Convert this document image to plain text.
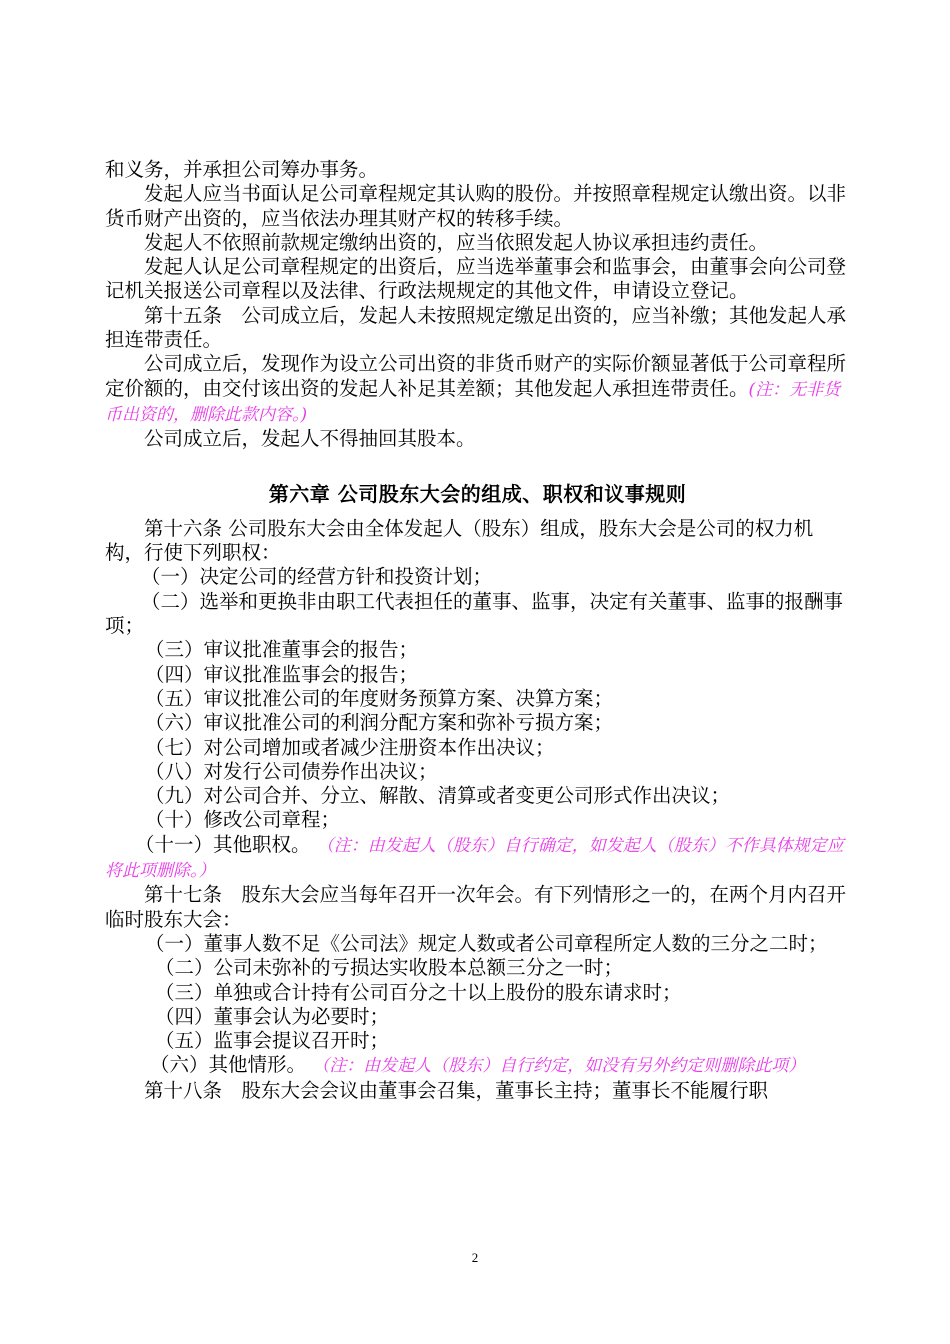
和义务，并承担公司筹办事务。

发起人应当书面认足公司章程规定其认购的股份。并按照章程规定认缴出资。以非货币财产出资的，应当依法办理其财产权的转移手续。

发起人不依照前款规定缴纳出资的，应当依照发起人协议承担违约责任。

发起人认足公司章程规定的出资后，应当选举董事会和监事会，由董事会向公司登记机关报送公司章程以及法律、行政法规规定的其他文件，申请设立登记。

第十五条　公司成立后，发起人未按照规定缴足出资的，应当补缴；其他发起人承担连带责任。

公司成立后，发现作为设立公司出资的非货币财产的实际价额显著低于公司章程所定价额的，由交付该出资的发起人补足其差额；其他发起人承担连带责任。(注：无非货币出资的，删除此款内容。)

公司成立后，发起人不得抽回其股本。

第六章 公司股东大会的组成、职权和议事规则

第十六条 公司股东大会由全体发起人（股东）组成，股东大会是公司的权力机构，行使下列职权：

（一）决定公司的经营方针和投资计划；

（二）选举和更换非由职工代表担任的董事、监事，决定有关董事、监事的报酬事项；

（三）审议批准董事会的报告；

（四）审议批准监事会的报告；

（五）审议批准公司的年度财务预算方案、决算方案；

（六）审议批准公司的利润分配方案和弥补亏损方案；

（七）对公司增加或者减少注册资本作出决议；

（八）对发行公司债券作出决议；

（九）对公司合并、分立、解散、清算或者变更公司形式作出决议；

（十）修改公司章程；

（十一）其他职权。 （注：由发起人（股东）自行确定，如发起人（股东）不作具体规定应将此项删除。）

第十七条　股东大会应当每年召开一次年会。有下列情形之一的，在两个月内召开临时股东大会：

（一）董事人数不足《公司法》规定人数或者公司章程所定人数的三分之二时；

（二）公司未弥补的亏损达实收股本总额三分之一时；

（三）单独或合计持有公司百分之十以上股份的股东请求时；

（四）董事会认为必要时；

（五）监事会提议召开时；

（六）其他情形。 （注：由发起人（股东）自行约定，如没有另外约定则删除此项）

第十八条　股东大会会议由董事会召集，董事长主持；董事长不能履行职

2
